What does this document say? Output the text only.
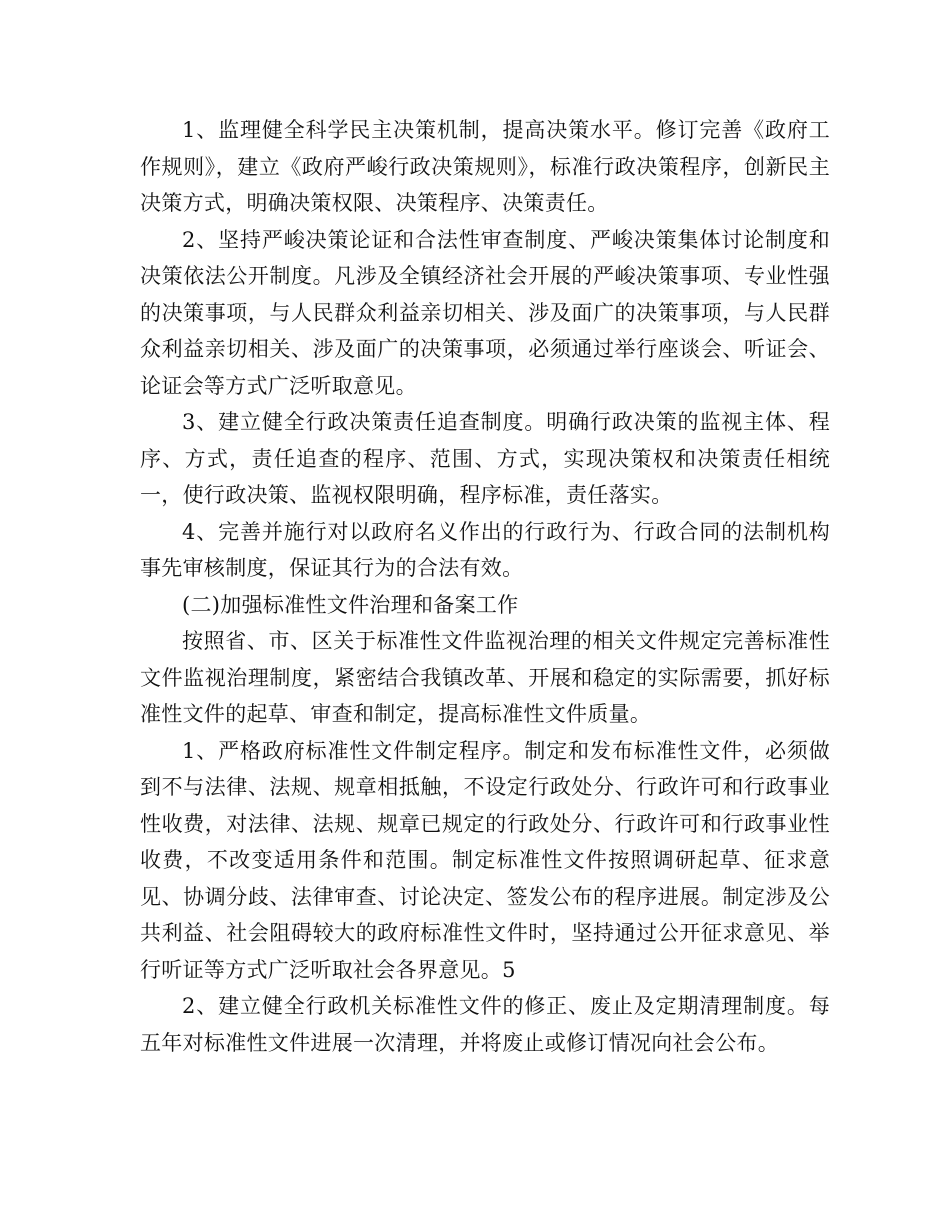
1、监理健全科学民主决策机制，提高决策水平。修订完善《政府工作规则》，建立《政府严峻行政决策规则》，标准行政决策程序，创新民主决策方式，明确决策权限、决策程序、决策责任。

2、坚持严峻决策论证和合法性审查制度、严峻决策集体讨论制度和决策依法公开制度。凡涉及全镇经济社会开展的严峻决策事项、专业性强的决策事项，与人民群众利益亲切相关、涉及面广的决策事项，与人民群众利益亲切相关、涉及面广的决策事项，必须通过举行座谈会、听证会、论证会等方式广泛听取意见。

3、建立健全行政决策责任追查制度。明确行政决策的监视主体、程序、方式，责任追查的程序、范围、方式，实现决策权和决策责任相统一，使行政决策、监视权限明确，程序标准，责任落实。

4、完善并施行对以政府名义作出的行政行为、行政合同的法制机构事先审核制度，保证其行为的合法有效。

(二)加强标准性文件治理和备案工作

按照省、市、区关于标准性文件监视治理的相关文件规定完善标准性文件监视治理制度，紧密结合我镇改革、开展和稳定的实际需要，抓好标准性文件的起草、审查和制定，提高标准性文件质量。

1、严格政府标准性文件制定程序。制定和发布标准性文件，必须做到不与法律、法规、规章相抵触，不设定行政处分、行政许可和行政事业性收费，对法律、法规、规章已规定的行政处分、行政许可和行政事业性收费，不改变适用条件和范围。制定标准性文件按照调研起草、征求意见、协调分歧、法律审查、讨论决定、签发公布的程序进展。制定涉及公共利益、社会阻碍较大的政府标准性文件时，坚持通过公开征求意见、举行听证等方式广泛听取社会各界意见。5

2、建立健全行政机关标准性文件的修正、废止及定期清理制度。每五年对标准性文件进展一次清理，并将废止或修订情况向社会公布。
